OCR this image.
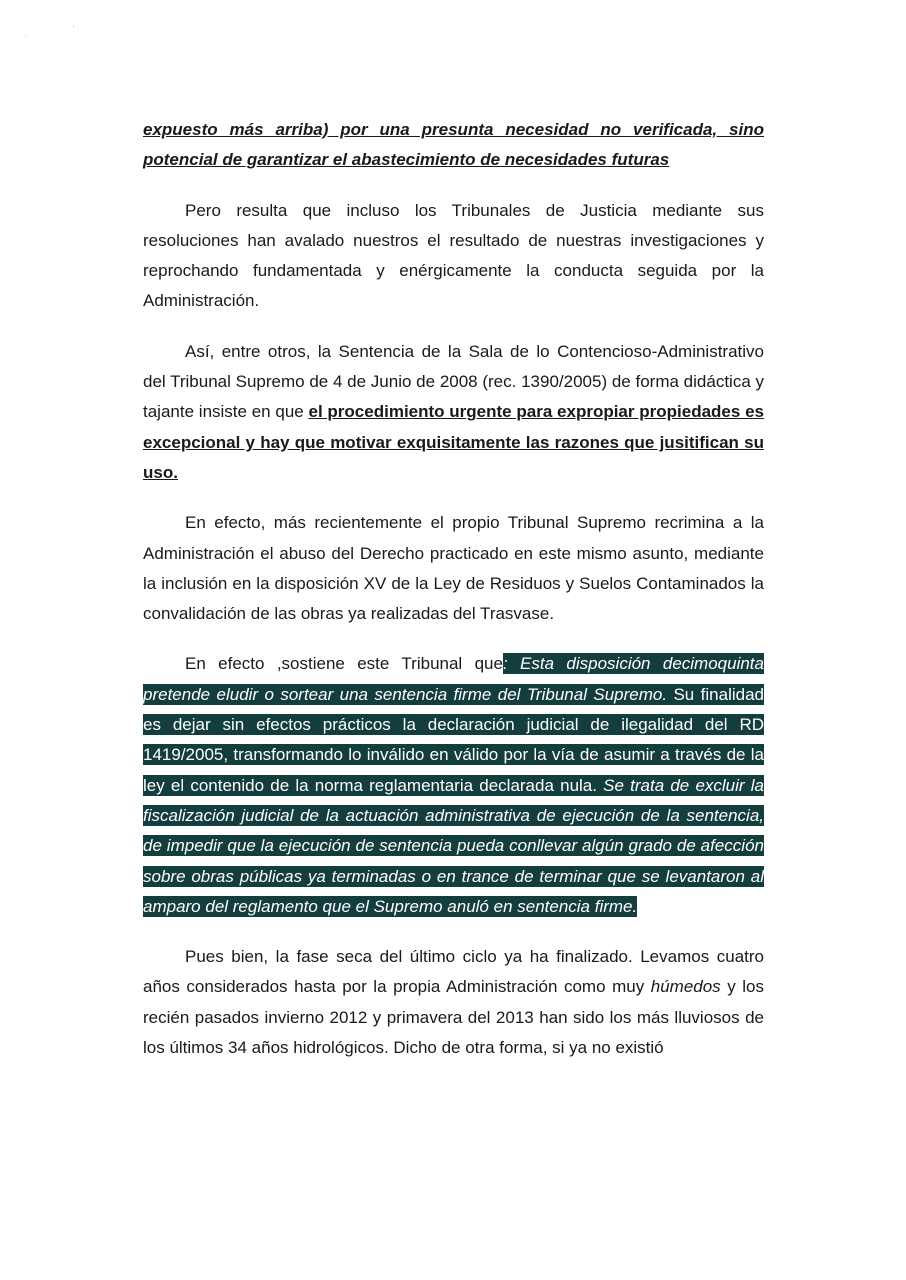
·
'

expuesto más arriba) por una presunta necesidad no verificada, sino potencial de garantizar el abastecimiento de necesidades futuras

Pero resulta que incluso los Tribunales de Justicia mediante sus resoluciones han avalado nuestros el resultado de nuestras investigaciones y reprochando fundamentada y enérgicamente la conducta seguida por la Administración.

Así, entre otros, la Sentencia de la Sala de lo Contencioso-Administrativo del Tribunal Supremo de 4 de Junio de 2008 (rec. 1390/2005) de forma didáctica y tajante insiste en que el procedimiento urgente para expropiar propiedades es excepcional y hay que motivar exquisitamente las razones que jusitifican su uso.

En efecto, más recientemente el propio Tribunal Supremo recrimina a la Administración el abuso del Derecho practicado en este mismo asunto, mediante la inclusión en la disposición XV de la Ley de Residuos y Suelos Contaminados la convalidación de las obras ya realizadas del Trasvase.

En efecto ,sostiene este Tribunal que: Esta disposición decimoquinta pretende eludir o sortear una sentencia firme del Tribunal Supremo. Su finalidad es dejar sin efectos prácticos la declaración judicial de ilegalidad del RD 1419/2005, transformando lo inválido en válido por la vía de asumir a través de la ley el contenido de la norma reglamentaria declarada nula. Se trata de excluir la fiscalización judicial de la actuación administrativa de ejecución de la sentencia, de impedir que la ejecución de sentencia pueda conllevar algún grado de afección sobre obras públicas ya terminadas o en trance de terminar que se levantaron al amparo del reglamento que el Supremo anuló en sentencia firme.

Pues bien, la fase seca del último ciclo ya ha finalizado. Levamos cuatro años considerados hasta por la propia Administración como muy húmedos y los recién pasados invierno 2012 y primavera del 2013 han sido los más lluviosos de los últimos 34 años hidrológicos. Dicho de otra forma, si ya no existió
